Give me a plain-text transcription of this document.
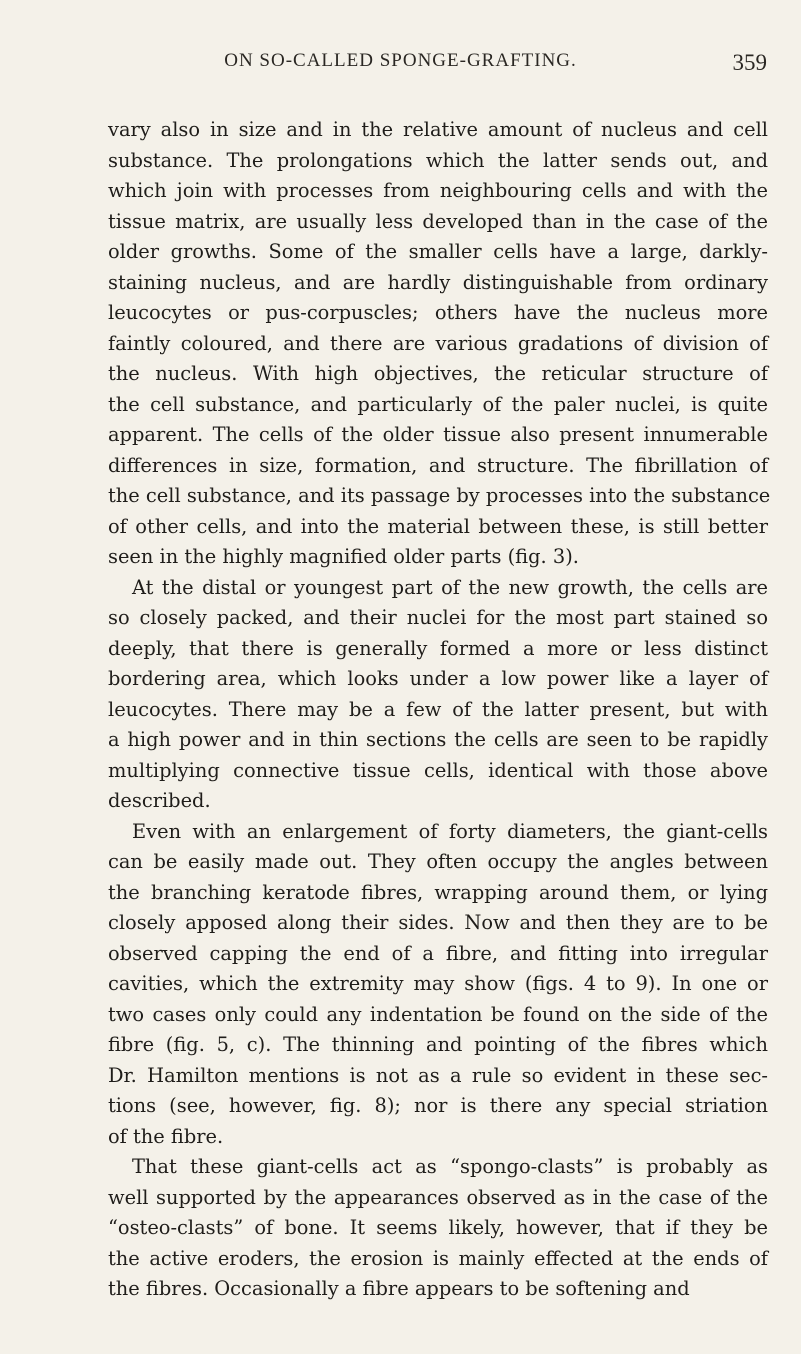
ON SO-CALLED SPONGE-GRAFTING.	359
vary also in size and in the relative amount of nucleus and cell
substance. The prolongations which the latter sends out, and
which join with processes from neighbouring cells and with the
tissue matrix, are usually less developed than in the case of the
older growths. Some of the smaller cells have a large, darkly-
staining nucleus, and are hardly distinguishable from ordinary
leucocytes or pus-corpuscles; others have the nucleus more
faintly coloured, and there are various gradations of division of
the nucleus. With high objectives, the reticular structure of
the cell substance, and particularly of the paler nuclei, is quite
apparent. The cells of the older tissue also present innumerable
differences in size, formation, and structure. The fibrillation of
the cell substance, and its passage by processes into the substance
of other cells, and into the material between these, is still better
seen in the highly magnified older parts (fig. 3).
At the distal or youngest part of the new growth, the cells are
so closely packed, and their nuclei for the most part stained so
deeply, that there is generally formed a more or less distinct
bordering area, which looks under a low power like a layer of
leucocytes. There may be a few of the latter present, but with
a high power and in thin sections the cells are seen to be rapidly
multiplying connective tissue cells, identical with those above
described.
Even with an enlargement of forty diameters, the giant-cells
can be easily made out. They often occupy the angles between
the branching keratode fibres, wrapping around them, or lying
closely apposed along their sides. Now and then they are to be
observed capping the end of a fibre, and fitting into irregular
cavities, which the extremity may show (figs. 4 to 9). In one or
two cases only could any indentation be found on the side of the
fibre (fig. 5, c). The thinning and pointing of the fibres which
Dr. Hamilton mentions is not as a rule so evident in these sec-
tions (see, however, fig. 8); nor is there any special striation
of the fibre.
That these giant-cells act as “spongo-clasts” is probably as
well supported by the appearances observed as in the case of the
“osteo-clasts” of bone. It seems likely, however, that if they be
the active eroders, the erosion is mainly effected at the ends of
the fibres. Occasionally a fibre appears to be softening and
